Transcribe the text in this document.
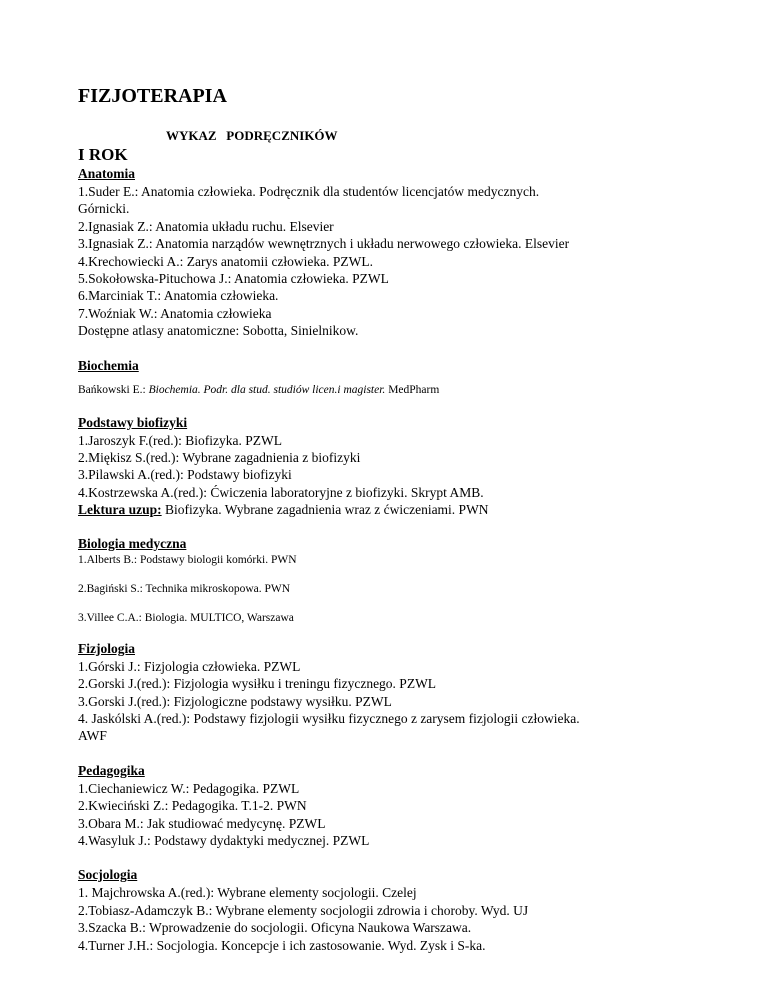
FIZJOTERAPIA
WYKAZ   PODRĘCZNIKÓW
I ROK
Anatomia
1.Suder E.: Anatomia człowieka. Podręcznik dla studentów licencjatów medycznych.
Górnicki.
2.Ignasiak Z.: Anatomia układu ruchu. Elsevier
3.Ignasiak Z.: Anatomia narządów wewnętrznych i układu nerwowego człowieka. Elsevier
4.Krechowiecki A.: Zarys anatomii człowieka. PZWL.
5.Sokołowska-Pituchowa J.: Anatomia człowieka. PZWL
6.Marciniak T.: Anatomia człowieka.
7.Woźniak W.: Anatomia człowieka
Dostępne atlasy anatomiczne: Sobotta, Sinielnikow.
Biochemia
Bańkowski E.: Biochemia. Podr. dla stud. studiów licen.i magister. MedPharm
Podstawy biofizyki
1.Jaroszyk F.(red.): Biofizyka. PZWL
2.Miękisz S.(red.): Wybrane zagadnienia z biofizyki
3.Pilawski A.(red.): Podstawy biofizyki
4.Kostrzewska A.(red.): Ćwiczenia laboratoryjne z biofizyki. Skrypt AMB.
Lektura uzup: Biofizyka. Wybrane zagadnienia wraz z ćwiczeniami. PWN
Biologia medyczna
1.Alberts B.: Podstawy biologii komórki. PWN
2.Bagiński S.: Technika mikroskopowa. PWN
3.Villee C.A.: Biologia. MULTICO, Warszawa
Fizjologia
1.Górski J.: Fizjologia człowieka. PZWL
2.Gorski J.(red.): Fizjologia wysiłku i treningu fizycznego. PZWL
3.Gorski J.(red.): Fizjologiczne podstawy wysiłku. PZWL
4. Jaskólski A.(red.): Podstawy fizjologii wysiłku fizycznego z zarysem fizjologii człowieka.
AWF
Pedagogika
1.Ciechaniewicz W.: Pedagogika. PZWL
2.Kwieciński Z.: Pedagogika. T.1-2. PWN
3.Obara M.: Jak studiować medycynę. PZWL
4.Wasyluk J.: Podstawy dydaktyki medycznej. PZWL
Socjologia
1. Majchrowska A.(red.): Wybrane elementy socjologii. Czelej
2.Tobiasz-Adamczyk B.: Wybrane elementy socjologii zdrowia i choroby. Wyd. UJ
3.Szacka B.: Wprowadzenie do socjologii. Oficyna Naukowa Warszawa.
4.Turner J.H.: Socjologia. Koncepcje i ich zastosowanie. Wyd. Zysk i S-ka.
